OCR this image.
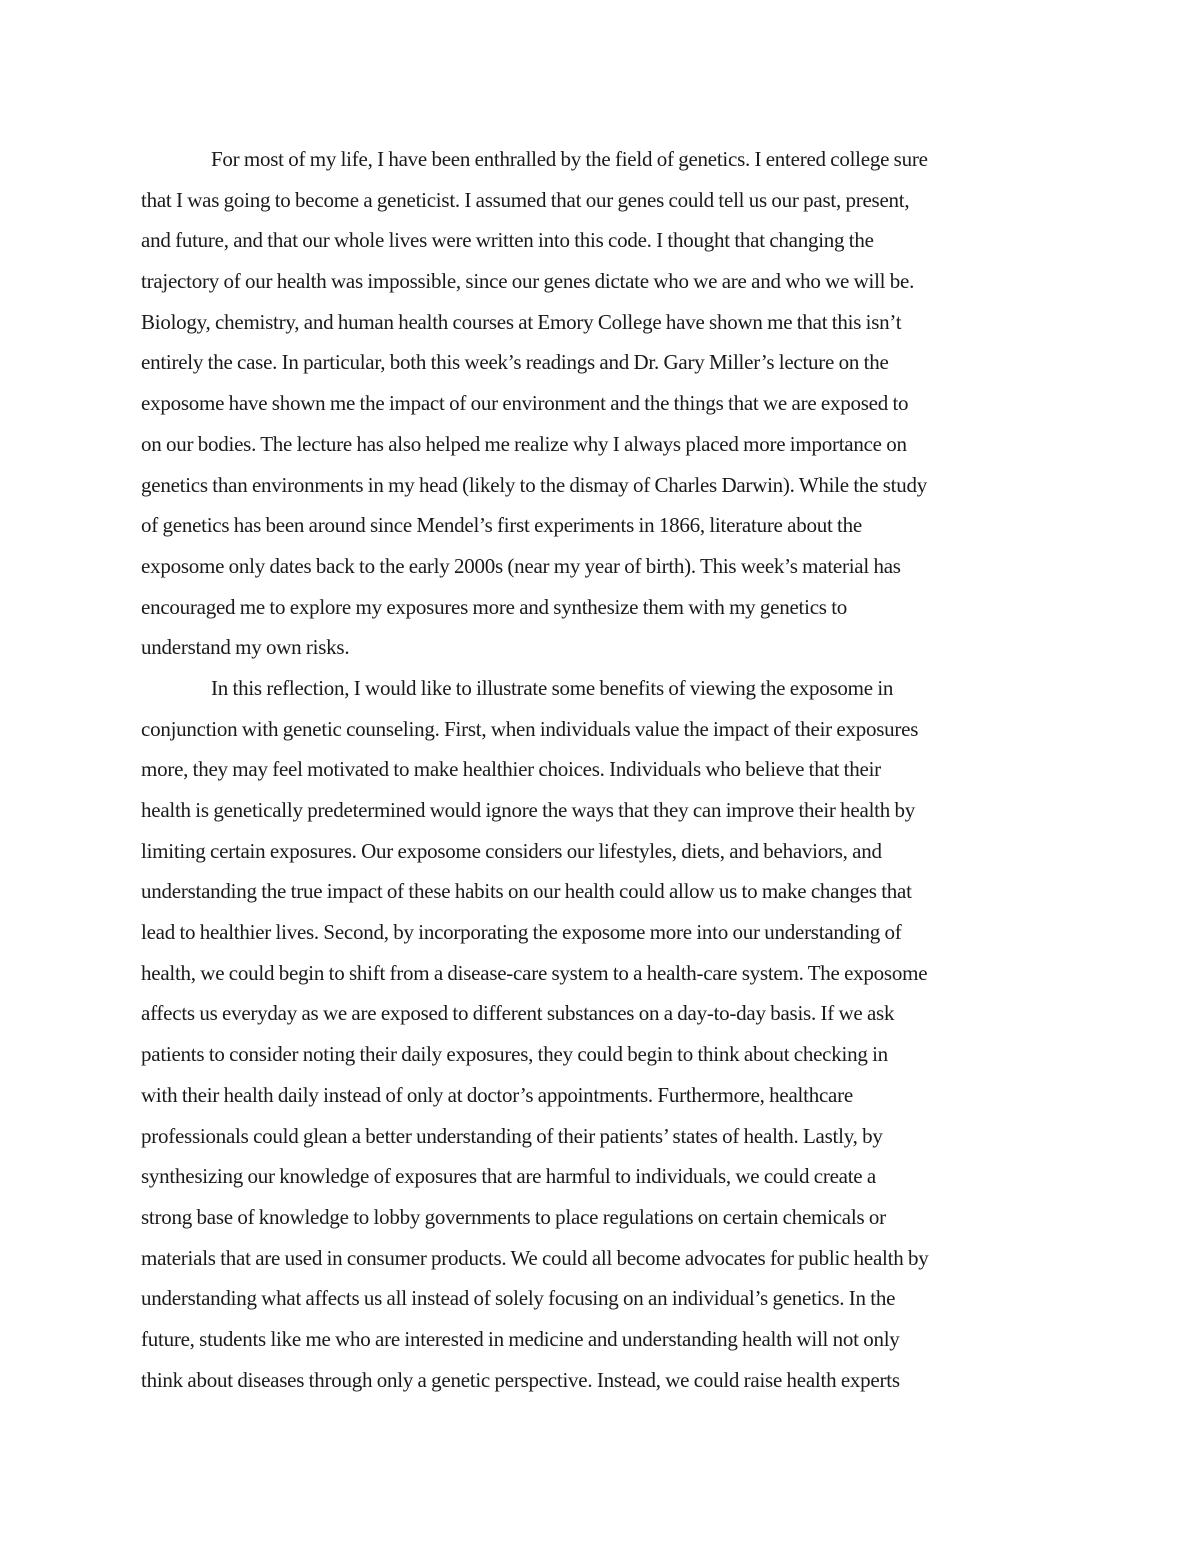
For most of my life, I have been enthralled by the field of genetics. I entered college sure
that I was going to become a geneticist. I assumed that our genes could tell us our past, present,
and future, and that our whole lives were written into this code. I thought that changing the
trajectory of our health was impossible, since our genes dictate who we are and who we will be.
Biology, chemistry, and human health courses at Emory College have shown me that this isn’t
entirely the case. In particular, both this week’s readings and Dr. Gary Miller’s lecture on the
exposome have shown me the impact of our environment and the things that we are exposed to
on our bodies. The lecture has also helped me realize why I always placed more importance on
genetics than environments in my head (likely to the dismay of Charles Darwin). While the study
of genetics has been around since Mendel’s first experiments in 1866, literature about the
exposome only dates back to the early 2000s (near my year of birth). This week’s material has
encouraged me to explore my exposures more and synthesize them with my genetics to
understand my own risks.
In this reflection, I would like to illustrate some benefits of viewing the exposome in
conjunction with genetic counseling. First, when individuals value the impact of their exposures
more, they may feel motivated to make healthier choices. Individuals who believe that their
health is genetically predetermined would ignore the ways that they can improve their health by
limiting certain exposures. Our exposome considers our lifestyles, diets, and behaviors, and
understanding the true impact of these habits on our health could allow us to make changes that
lead to healthier lives. Second, by incorporating the exposome more into our understanding of
health, we could begin to shift from a disease-care system to a health-care system. The exposome
affects us everyday as we are exposed to different substances on a day-to-day basis. If we ask
patients to consider noting their daily exposures, they could begin to think about checking in
with their health daily instead of only at doctor’s appointments. Furthermore, healthcare
professionals could glean a better understanding of their patients’ states of health. Lastly, by
synthesizing our knowledge of exposures that are harmful to individuals, we could create a
strong base of knowledge to lobby governments to place regulations on certain chemicals or
materials that are used in consumer products. We could all become advocates for public health by
understanding what affects us all instead of solely focusing on an individual’s genetics. In the
future, students like me who are interested in medicine and understanding health will not only
think about diseases through only a genetic perspective. Instead, we could raise health experts
